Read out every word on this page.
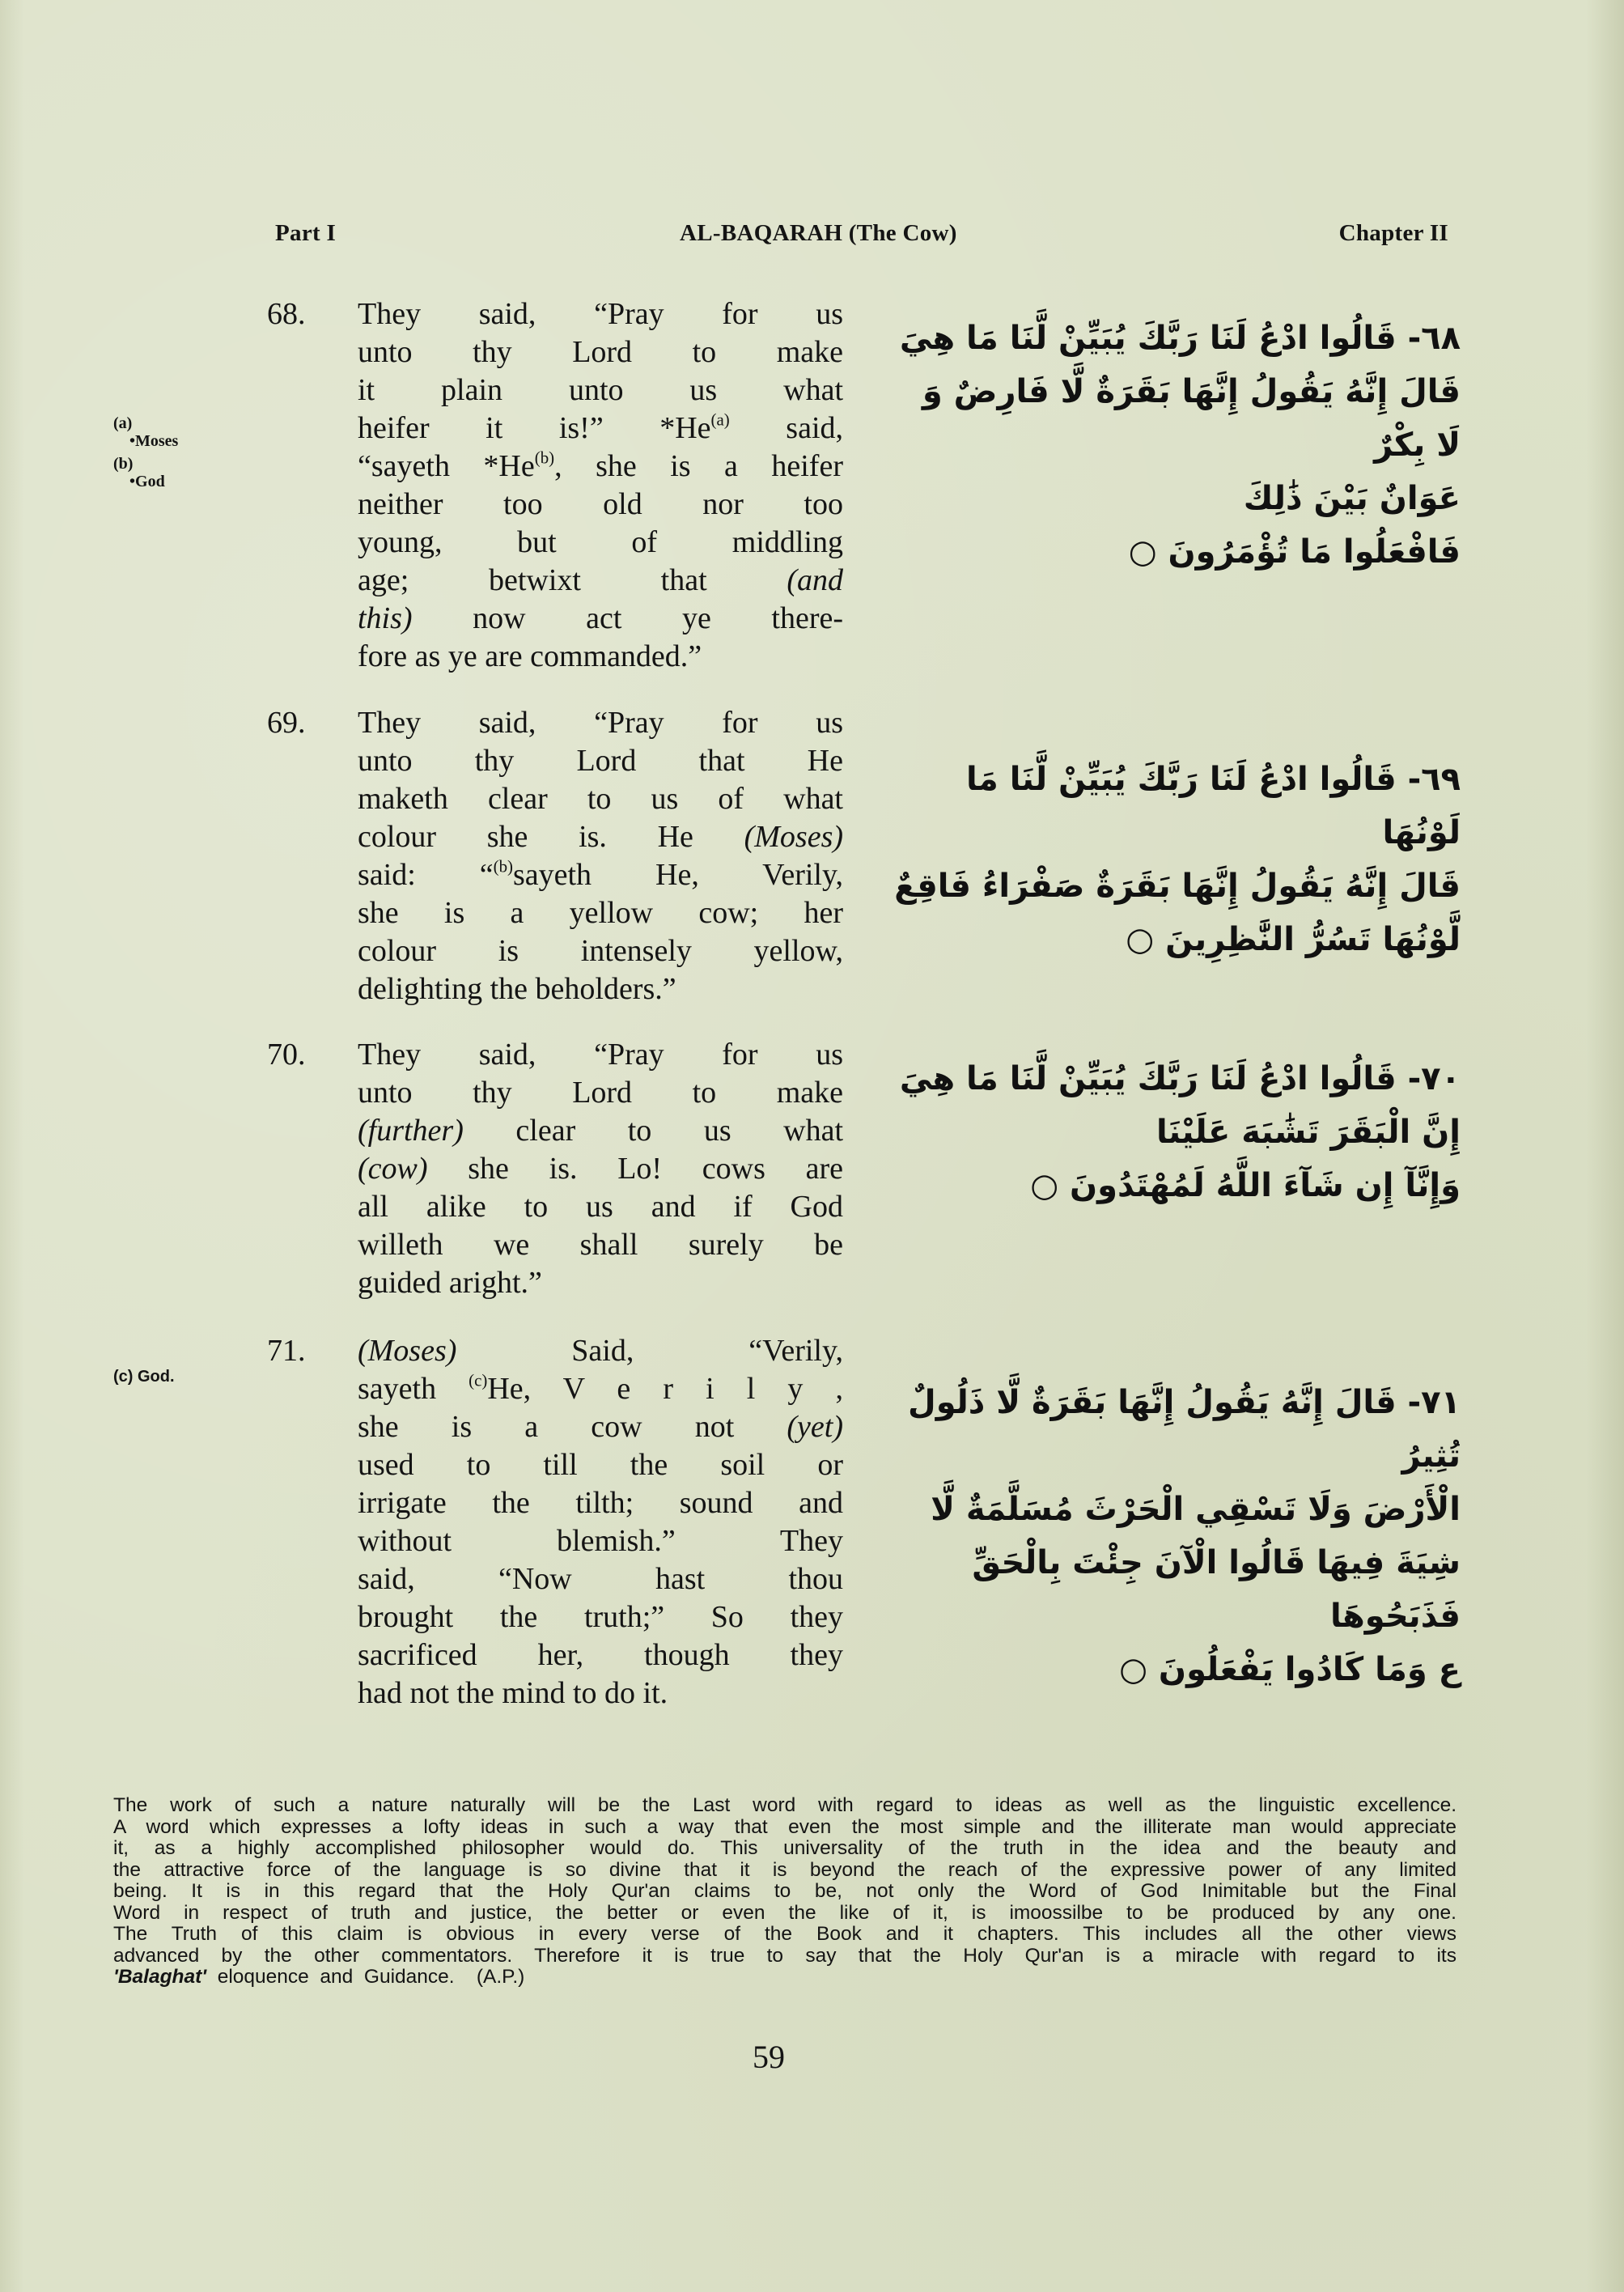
Part I	AL-BAQARAH (The Cow)	Chapter II
(a)
• Moses
(b)
• God
(c) God.
68. They said, “Pray for us
unto thy Lord to make
it plain unto us what
heifer it is!” *He$^{(a)}$ said,
“sayeth *He$^{(b)}$, she is a heifer
neither too old nor too
young, but of middling
age; betwixt that	(and
this) now act ye there-
fore as ye are commanded.”
69. They said, “Pray for us
unto thy Lord that He
maketh clear to us of what
colour she is. He (Moses)
said: “$^{(b)}$sayeth He, Verily,
she is a yellow cow; her
colour is intensely yellow,
delighting the beholders.”
70. They said, “Pray for us
unto thy Lord to make
(further) clear to us what
(cow) she is. Lo! cows are
all alike to us and if God
willeth we shall surely be
guided aright.”
71. (Moses)	Said, “Verily,
sayeth $^{(c)}$He, V e r i l y ,
she is a cow not (yet)
used to till the soil or
irrigate the tilth; sound and
without blemish.” They
said, “Now hast thou
brought the truth;” So they
sacrificed her, though they
had not the mind to do it.
٦٨- قَالُوا ادْعُ لَنَا رَبَّكَ يُبَيِّنْ لَّنَا مَا هِيَ
قَالَ إِنَّهُ يَقُولُ إِنَّهَا بَقَرَةٌ لَّا فَارِضٌ وَ
لَا بِكْرٌ
عَوَانٌ بَيْنَ ذَٰلِكَ
فَافْعَلُوا مَا تُؤْمَرُونَ ○
٦٩- قَالُوا ادْعُ لَنَا رَبَّكَ يُبَيِّنْ لَّنَا مَا لَوْنُهَا
قَالَ إِنَّهُ يَقُولُ إِنَّهَا بَقَرَةٌ صَفْرَاءُ فَاقِعٌ
لَّوْنُهَا تَسُرُّ النَّٰظِرِينَ ○
٧٠- قَالُوا ادْعُ لَنَا رَبَّكَ يُبَيِّنْ لَّنَا مَا هِيَ
إِنَّ الْبَقَرَ تَشَٰبَهَ عَلَيْنَا
وَإِنَّآ إِن شَآءَ اللَّهُ لَمُهْتَدُونَ ○
٧١- قَالَ إِنَّهُ يَقُولُ إِنَّهَا بَقَرَةٌ لَّا ذَلُولٌ تُثِيرُ
الْأَرْضَ وَلَا تَسْقِي الْحَرْثَ مُسَلَّمَةٌ لَّا
شِيَةَ فِيهَا قَالُوا الْآنَ جِئْتَ بِالْحَقِّ فَذَبَحُوهَا
ع وَمَا كَادُوا يَفْعَلُونَ ○
The work of such a nature naturally will be the Last word with regard to ideas as well as the linguistic excellence.
A word which expresses a lofty ideas in such a way that even the most simple and the illiterate man would appreciate
it, as a highly accomplished philosopher would do. This universality of the truth in the idea and the beauty and
the attractive force of the language is so divine that it is beyond the reach of the expressive power of any limited
being. It is in this regard that the Holy Qur'an claims to be, not only the Word of God Inimitable but the Final
Word in respect of truth and justice, the better or even the like of it, is imoossilbe to be produced by any one.
The Truth of this claim is obvious in every verse of the Book and it chapters. This includes all the other views
advanced by the other commentators. Therefore it is true to say that the Holy Qur'an is a miracle with regard to its
'Balaghat'  eloquence  and  Guidance.    (A.P.)
59
